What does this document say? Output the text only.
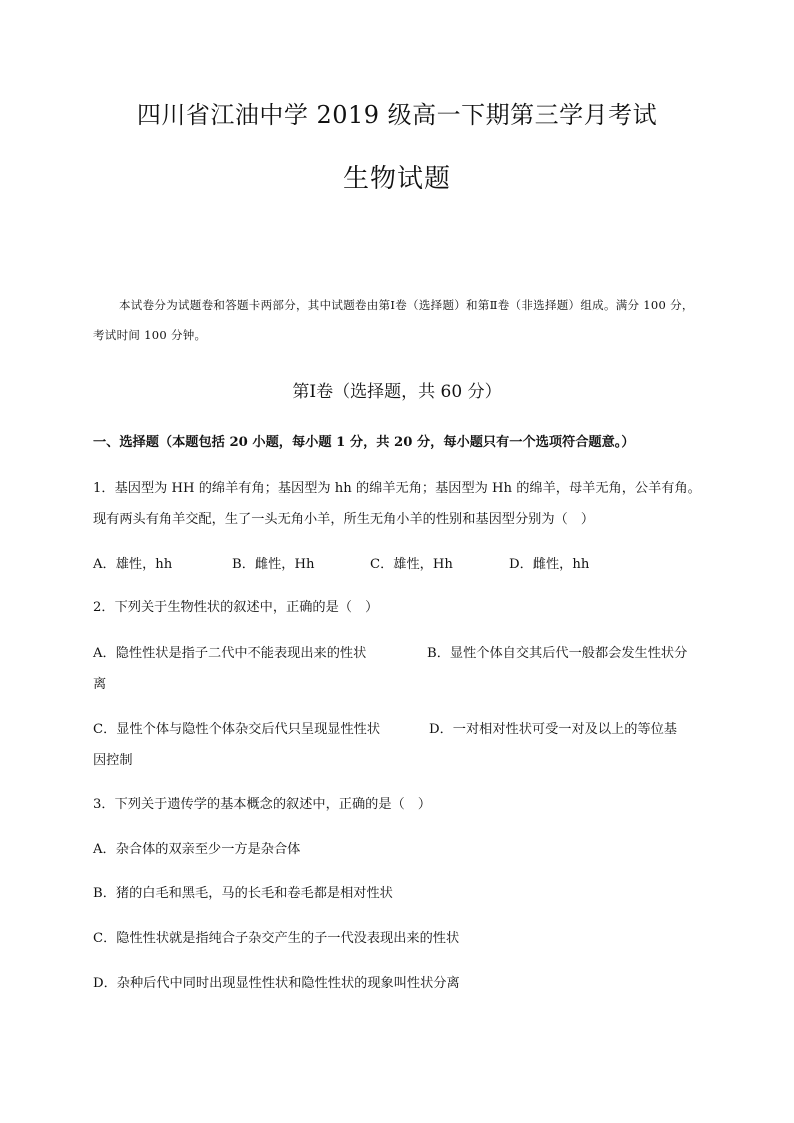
四川省江油中学 2019 级高一下期第三学月考试
生物试题
本试卷分为试题卷和答题卡两部分，其中试题卷由第Ⅰ卷（选择题）和第Ⅱ卷（非选择题）组成。满分 100 分，考试时间 100 分钟。
第Ⅰ卷（选择题，共 60 分）
一、选择题（本题包括 20 小题，每小题 1 分，共 20 分，每小题只有一个选项符合题意。）
1．基因型为 HH 的绵羊有角；基因型为 hh 的绵羊无角；基因型为 Hh 的绵羊，母羊无角，公羊有角。
现有两头有角羊交配，生了一头无角小羊，所生无角小羊的性别和基因型分别为（　）
A．雄性，hh	B．雌性，Hh	C．雄性，Hh	D．雌性，hh
2．下列关于生物性状的叙述中，正确的是（　）
A．隐性性状是指子二代中不能表现出来的性状	B．显性个体自交其后代一般都会发生性状分
离
C．显性个体与隐性个体杂交后代只呈现显性性状	D．一对相对性状可受一对及以上的等位基
因控制
3．下列关于遗传学的基本概念的叙述中，正确的是（　）
A．杂合体的双亲至少一方是杂合体
B．猪的白毛和黑毛，马的长毛和卷毛都是相对性状
C．隐性性状就是指纯合子杂交产生的子一代没表现出来的性状
D．杂种后代中同时出现显性性状和隐性性状的现象叫性状分离
